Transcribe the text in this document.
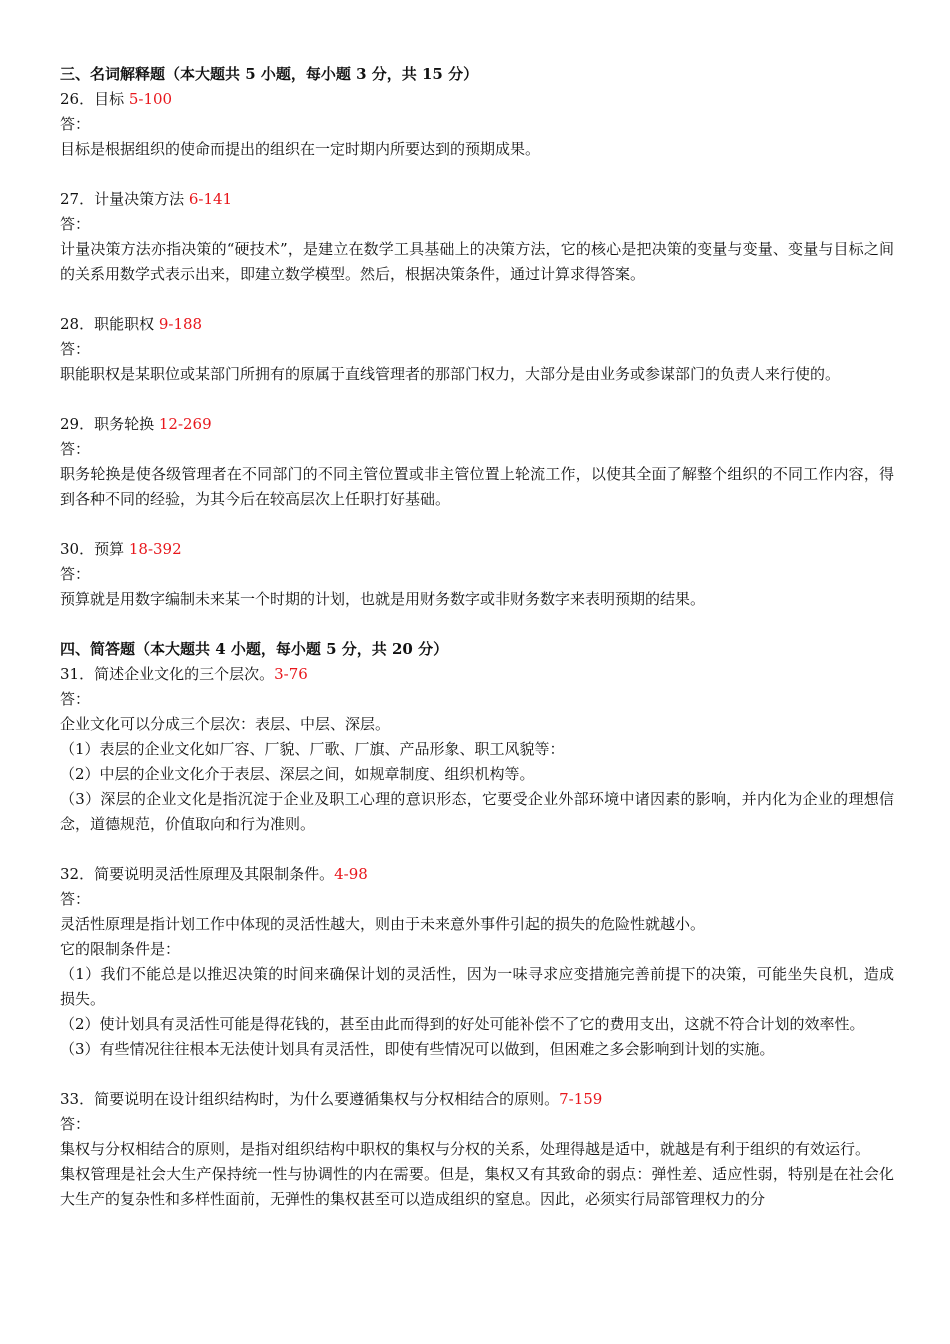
三、名词解释题（本大题共 5 小题，每小题 3 分，共 15 分）
26．目标 5-100
答：
目标是根据组织的使命而提出的组织在一定时期内所要达到的预期成果。
27．计量决策方法 6-141
答：
计量决策方法亦指决策的“硬技术”，是建立在数学工具基础上的决策方法，它的核心是把决策的变量与变量、变量与目标之间的关系用数学式表示出来，即建立数学模型。然后，根据决策条件，通过计算求得答案。
28．职能职权 9-188
答：
职能职权是某职位或某部门所拥有的原属于直线管理者的那部门权力，大部分是由业务或参谋部门的负责人来行使的。
29．职务轮换 12-269
答：
职务轮换是使各级管理者在不同部门的不同主管位置或非主管位置上轮流工作，以使其全面了解整个组织的不同工作内容，得到各种不同的经验，为其今后在较高层次上任职打好基础。
30．预算 18-392
答：
预算就是用数字编制未来某一个时期的计划，也就是用财务数字或非财务数字来表明预期的结果。
四、简答题（本大题共 4 小题，每小题 5 分，共 20 分）
31．简述企业文化的三个层次。3-76
答：
企业文化可以分成三个层次：表层、中层、深层。
（1）表层的企业文化如厂容、厂貌、厂歌、厂旗、产品形象、职工风貌等：
（2）中层的企业文化介于表层、深层之间，如规章制度、组织机构等。
（3）深层的企业文化是指沉淀于企业及职工心理的意识形态，它要受企业外部环境中诸因素的影响，并内化为企业的理想信念，道德规范，价值取向和行为准则。
32．简要说明灵活性原理及其限制条件。4-98
答：
灵活性原理是指计划工作中体现的灵活性越大，则由于未来意外事件引起的损失的危险性就越小。
它的限制条件是：
（1）我们不能总是以推迟决策的时间来确保计划的灵活性，因为一味寻求应变措施完善前提下的决策，可能坐失良机，造成损失。
（2）使计划具有灵活性可能是得花钱的，甚至由此而得到的好处可能补偿不了它的费用支出，这就不符合计划的效率性。
（3）有些情况往往根本无法使计划具有灵活性，即使有些情况可以做到，但困难之多会影响到计划的实施。
33．简要说明在设计组织结构时，为什么要遵循集权与分权相结合的原则。7-159
答：
集权与分权相结合的原则，是指对组织结构中职权的集权与分权的关系，处理得越是适中，就越是有利于组织的有效运行。
集权管理是社会大生产保持统一性与协调性的内在需要。但是，集权又有其致命的弱点：弹性差、适应性弱，特别是在社会化大生产的复杂性和多样性面前，无弹性的集权甚至可以造成组织的窒息。因此，必须实行局部管理权力的分
